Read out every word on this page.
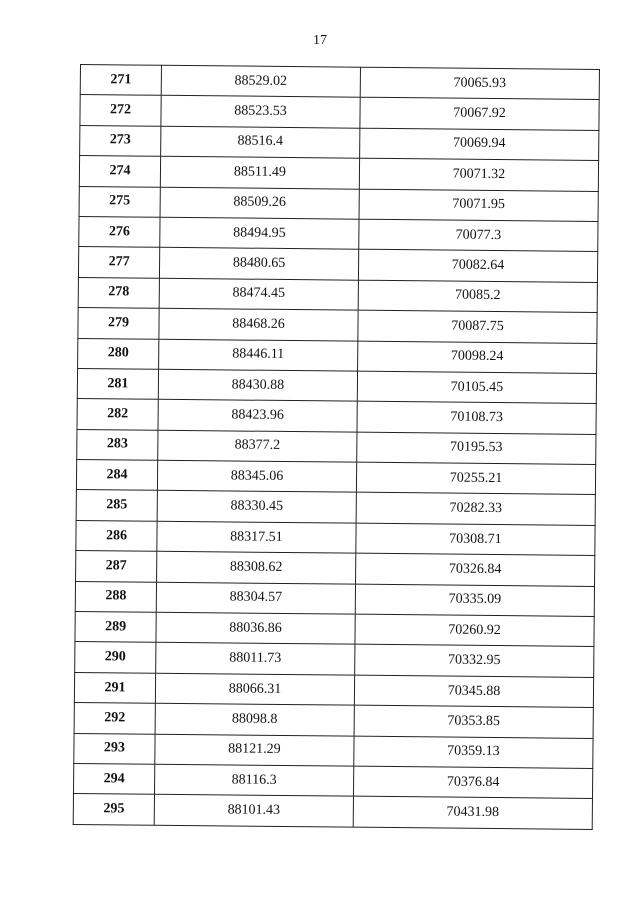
17
271	88529.02	70065.93
272	88523.53	70067.92
273	88516.4	70069.94
274	88511.49	70071.32
275	88509.26	70071.95
276	88494.95	70077.3
277	88480.65	70082.64
278	88474.45	70085.2
279	88468.26	70087.75
280	88446.11	70098.24
281	88430.88	70105.45
282	88423.96	70108.73
283	88377.2	70195.53
284	88345.06	70255.21
285	88330.45	70282.33
286	88317.51	70308.71
287	88308.62	70326.84
288	88304.57	70335.09
289	88036.86	70260.92
290	88011.73	70332.95
291	88066.31	70345.88
292	88098.8	70353.85
293	88121.29	70359.13
294	88116.3	70376.84
295	88101.43	70431.98
